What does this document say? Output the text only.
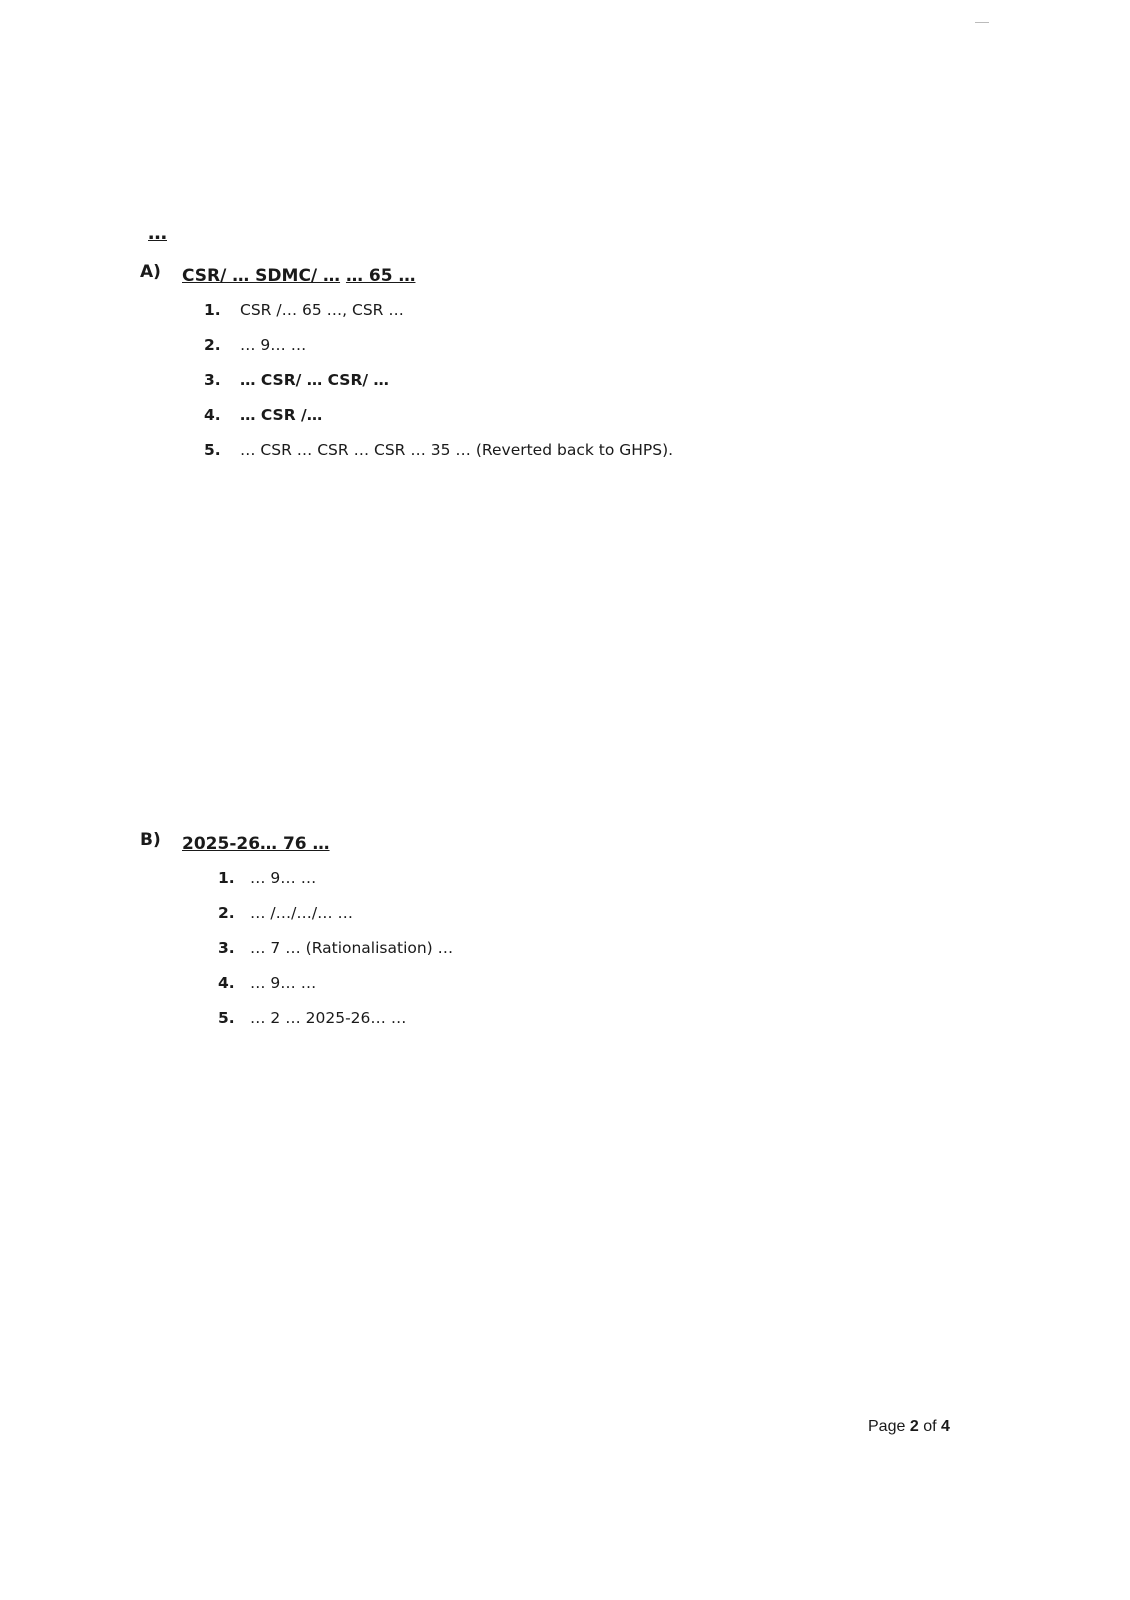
…
A) CSR/ … SDMC/ … … 65 …
1. CSR /… 65 …, CSR …
2. … 9… …
3. … CSR/ … CSR/ …
4. … CSR /…
5. … CSR … CSR … CSR … 35 … (Reverted back to GHPS).
B) 2025-26… 76 …
1. … 9… …
2. … /…/…/… …
3. … 7 … (Rationalisation) …
4. … 9… …
5. … 2 … 2025-26… …
Page 2 of 4
